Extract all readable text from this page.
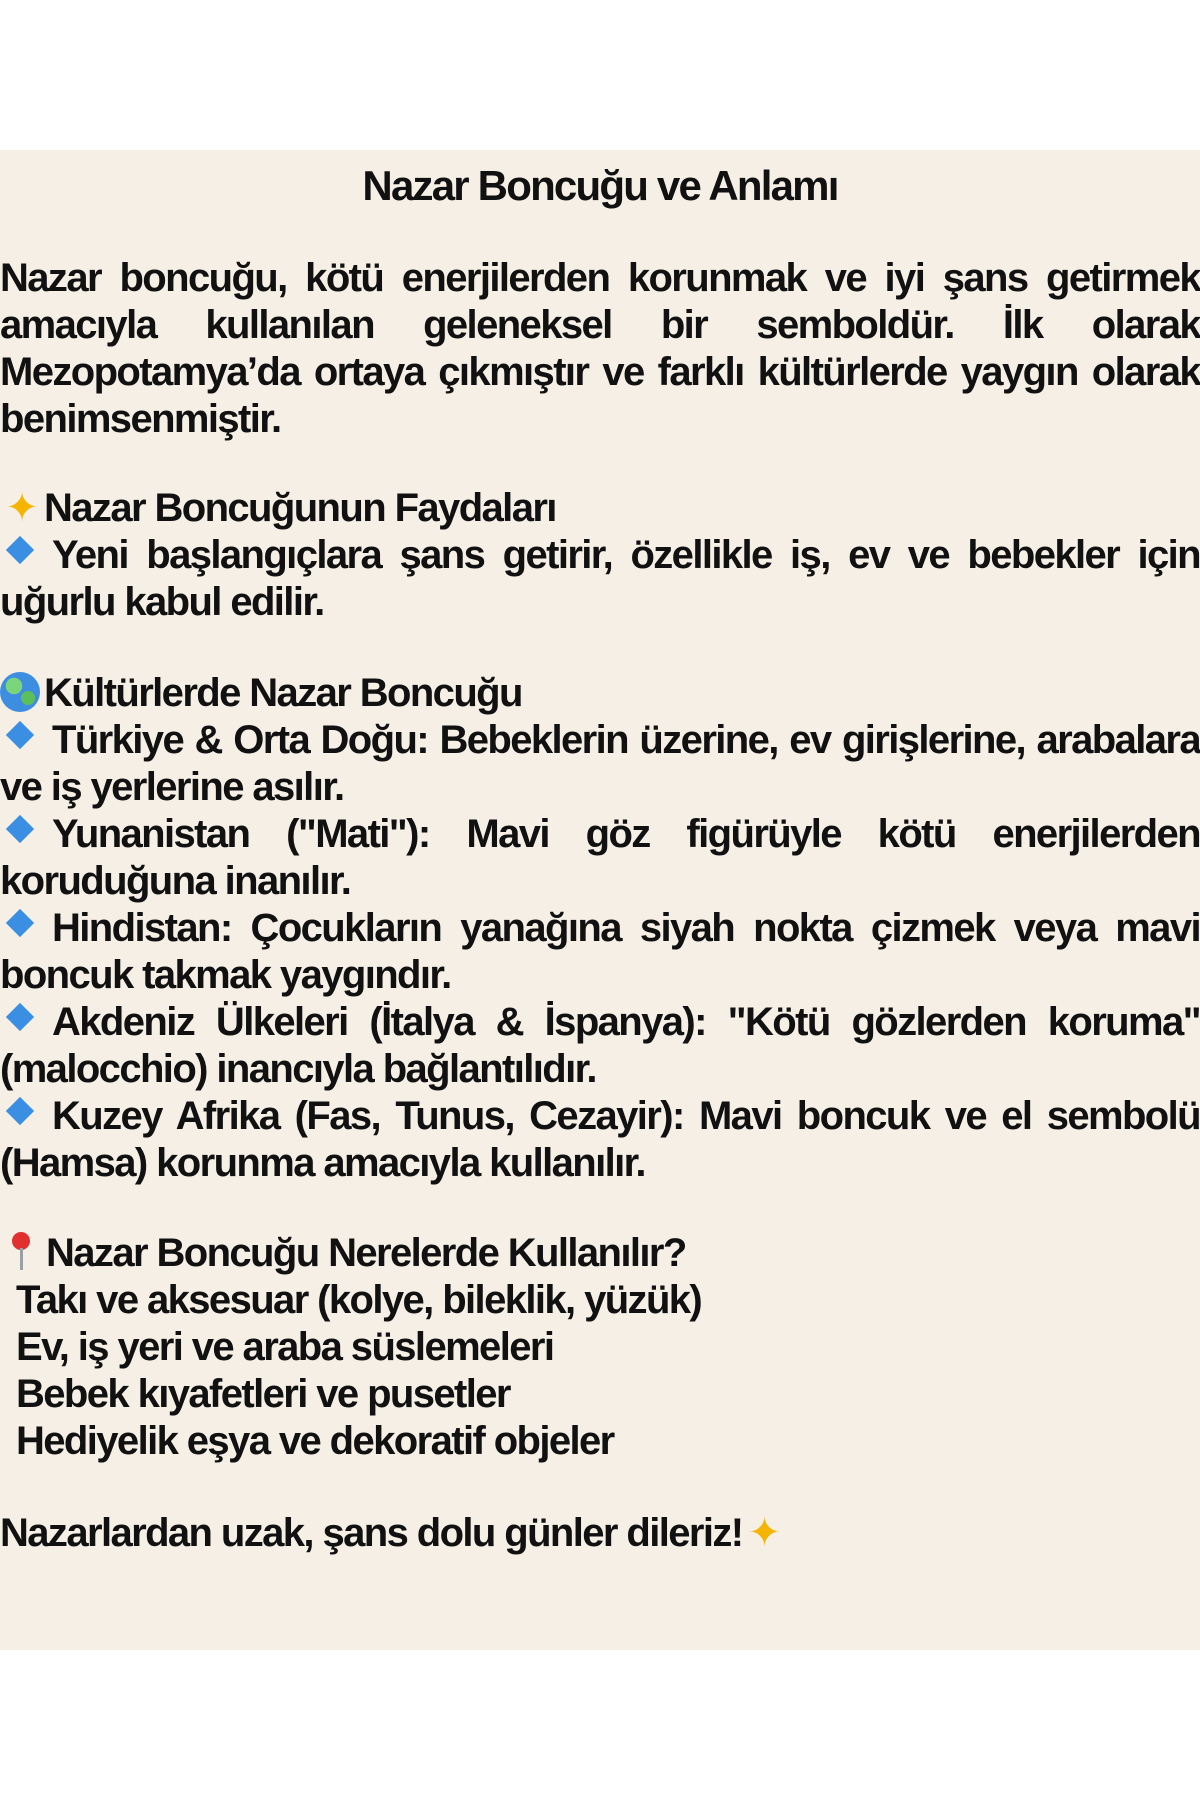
Nazar Boncuğu ve Anlamı
Nazar boncuğu, kötü enerjilerden korunmak ve iyi şans getirmek amacıyla kullanılan geleneksel bir semboldür. İlk olarak Mezopotamya’da ortaya çıkmıştır ve farklı kültürlerde yaygın olarak benimsenmiştir.
✦ Nazar Boncuğunun Faydaları
Yeni başlangıçlara şans getirir, özellikle iş, ev ve bebekler için uğurlu kabul edilir.
Kültürlerde Nazar Boncuğu
Türkiye & Orta Doğu: Bebeklerin üzerine, ev girişlerine, arabalara ve iş yerlerine asılır.
Yunanistan ("Mati"): Mavi göz figürüyle kötü enerjilerden koruduğuna inanılır.
Hindistan: Çocukların yanağına siyah nokta çizmek veya mavi boncuk takmak yaygındır.
Akdeniz Ülkeleri (İtalya & İspanya): "Kötü gözlerden koruma" (malocchio) inancıyla bağlantılıdır.
Kuzey Afrika (Fas, Tunus, Cezayir): Mavi boncuk ve el sembolü (Hamsa) korunma amacıyla kullanılır.
Nazar Boncuğu Nerelerde Kullanılır?
Takı ve aksesuar (kolye, bileklik, yüzük)
Ev, iş yeri ve araba süslemeleri
Bebek kıyafetleri ve pusetler
Hediyelik eşya ve dekoratif objeler
Nazarlardan uzak, şans dolu günler dileriz! ✦
